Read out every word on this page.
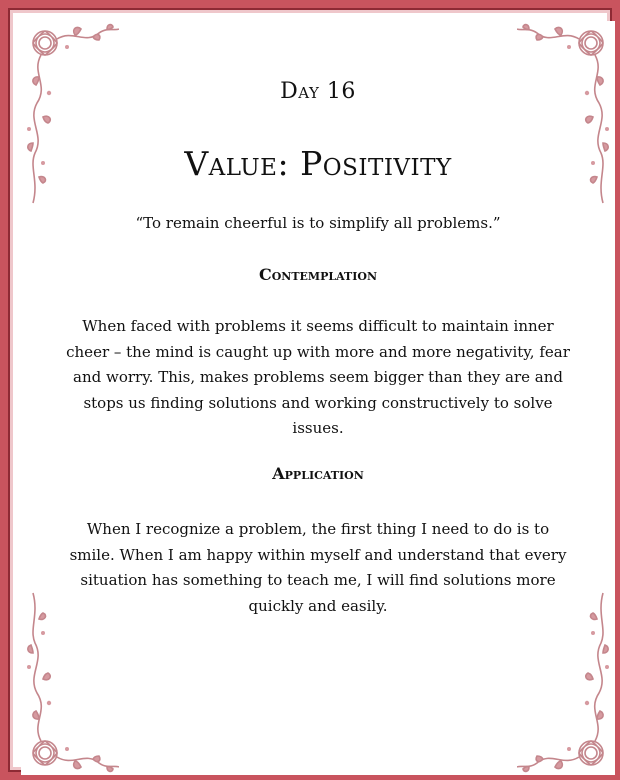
Day 16
Value: Positivity
“To remain cheerful is to simplify all problems.”
Contemplation
When faced with problems it seems difficult to maintain inner cheer – the mind is caught up with more and more negativity, fear and worry. This, makes problems seem bigger than they are and stops us finding solutions and working constructively to solve issues.
Application
When I recognize a problem, the first thing I need to do is to smile. When I am happy within myself and understand that every situation has something to teach me, I will find solutions more quickly and easily.
